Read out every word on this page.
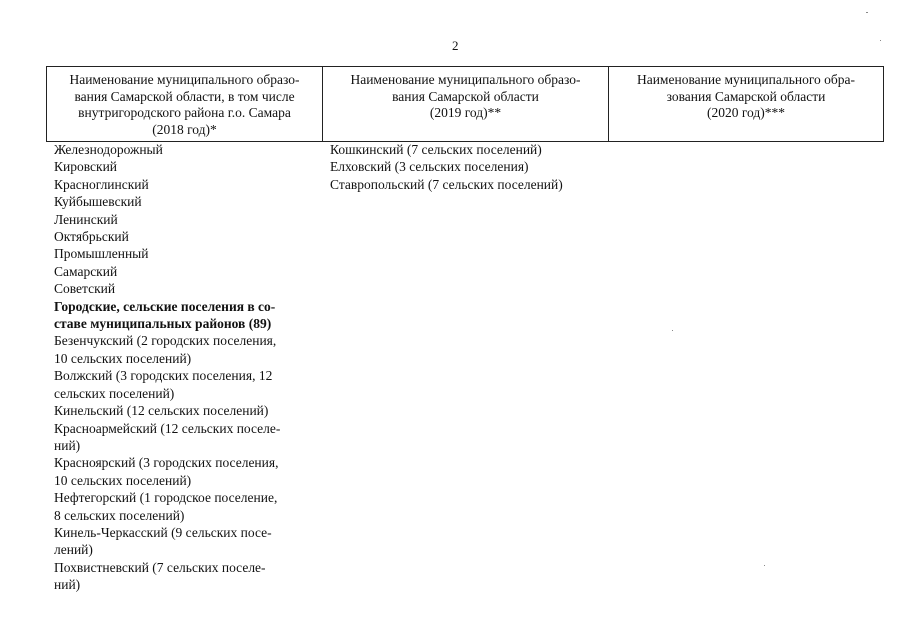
2
Наименование муниципального образо-
вания Самарской области, в том числе
внутригородского района г.о. Самара
(2018 год)*
Наименование муниципального образо-
вания Самарской области
(2019 год)**
Наименование муниципального обра-
зования Самарской области
(2020 год)***
Железнодорожный
Кировский
Красноглинский
Куйбышевский
Ленинский
Октябрьский
Промышленный
Самарский
Советский
Городские, сельские поселения в со-
ставе муниципальных районов (89)
Безенчукский (2 городских поселения,
10 сельских поселений)
Волжский (3 городских поселения, 12
сельских поселений)
Кинельский (12 сельских поселений)
Красноармейский (12 сельских поселе-
ний)
Красноярский (3 городских поселения,
10 сельских поселений)
Нефтегорский (1 городское поселение,
8 сельских поселений)
Кинель-Черкасский (9 сельских посе-
лений)
Похвистневский (7 сельских поселе-
ний)
Кошкинский (7 сельских поселений)
Елховский (3 сельских поселения)
Ставропольский (7 сельских поселений)
